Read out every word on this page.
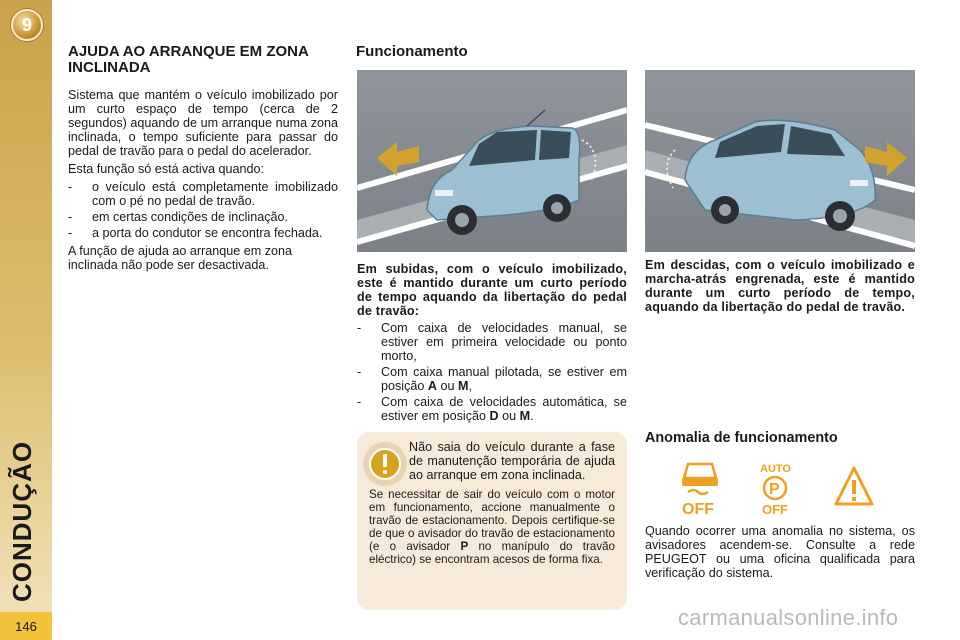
9
CONDUÇÃO
146
AJUDA AO ARRANQUE EM ZONA INCLINADA

Sistema que mantém o veículo imobilizado por um curto espaço de tempo (cerca de 2 segundos) aquando de um arranque numa zona inclinada, o tempo suficiente para passar do pedal de travão para o pedal do acelerador.

Esta função só está activa quando:

- o veículo está completamente imobilizado com o pé no pedal de travão.
- em certas condições de inclinação.
- a porta do condutor se encontra fechada.

A função de ajuda ao arranque em zona inclinada não pode ser desactivada.

Funcionamento

Em subidas, com o veículo imobilizado, este é mantido durante um curto período de tempo aquando da libertação do pedal de travão:

- Com caixa de velocidades manual, se estiver em primeira velocidade ou ponto morto,
- Com caixa manual pilotada, se estiver em posição A ou M,
- Com caixa de velocidades automática, se estiver em posição D ou M.

Em descidas, com o veículo imobilizado e marcha-atrás engrenada, este é mantido durante um curto período de tempo, aquando da libertação do pedal de travão.

Não saia do veículo durante a fase de manutenção temporária de ajuda ao arranque em zona inclinada.

Se necessitar de sair do veículo com o motor em funcionamento, accione manualmente o travão de estacionamento. Depois certifique-se de que o avisador do travão de estacionamento (e o avisador P no manípulo do travão eléctrico) se encontram acesos de forma fixa.

Anomalia de funcionamento
OFF
AUTO
P
OFF
Quando ocorrer uma anomalia no sistema, os avisadores acendem-se. Consulte a rede PEUGEOT ou uma oficina qualificada para verificação do sistema.
carmanualsonline.info
